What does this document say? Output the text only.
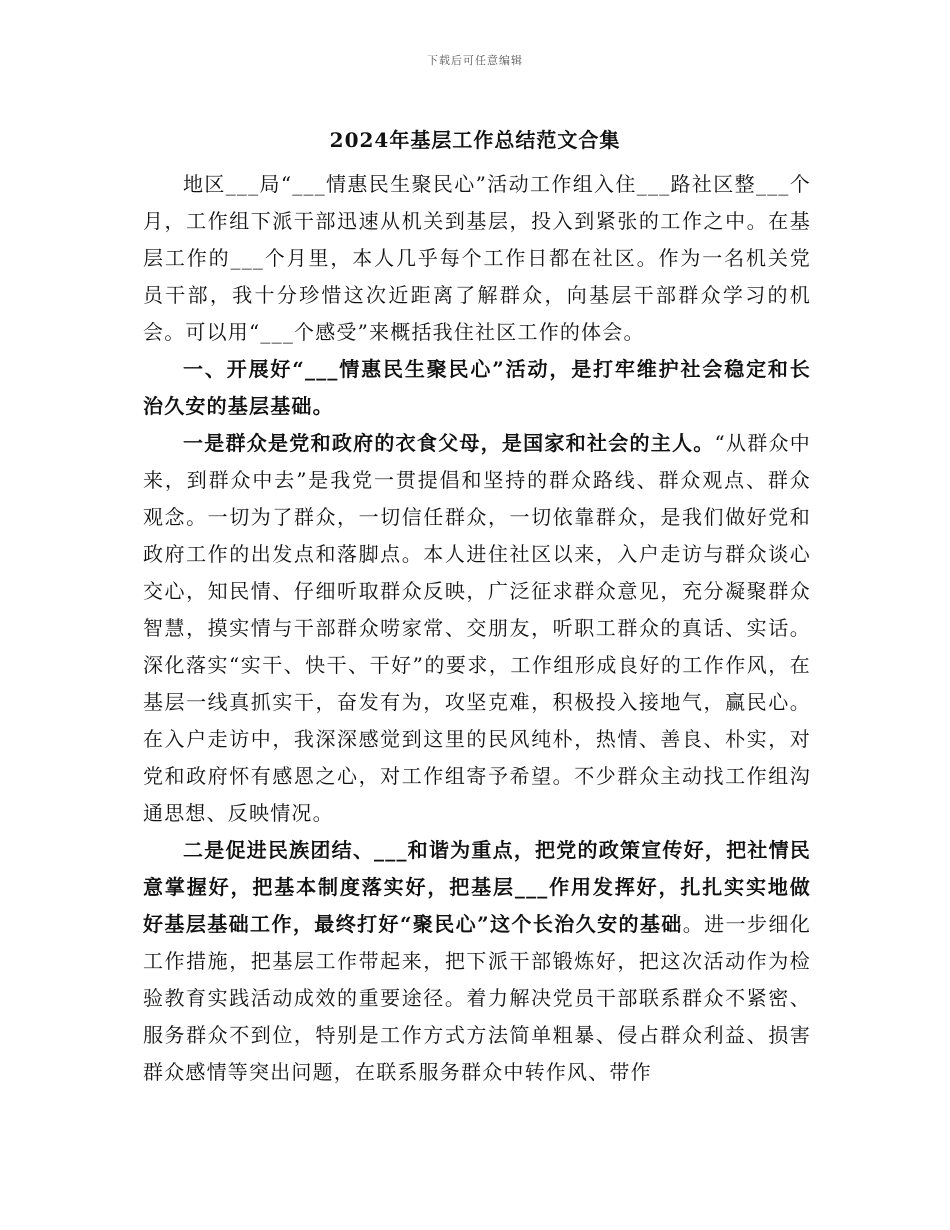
下载后可任意编辑
2024年基层工作总结范文合集

地区___局“___情惠民生聚民心”活动工作组入住___路社区整___个月，工作组下派干部迅速从机关到基层，投入到紧张的工作之中。在基层工作的___个月里，本人几乎每个工作日都在社区。作为一名机关党员干部，我十分珍惜这次近距离了解群众，向基层干部群众学习的机会。可以用“___个感受”来概括我住社区工作的体会。

一、开展好“___情惠民生聚民心”活动，是打牢维护社会稳定和长治久安的基层基础。

一是群众是党和政府的衣食父母，是国家和社会的主人。“从群众中来，到群众中去”是我党一贯提倡和坚持的群众路线、群众观点、群众观念。一切为了群众，一切信任群众，一切依靠群众，是我们做好党和政府工作的出发点和落脚点。本人进住社区以来，入户走访与群众谈心交心，知民情、仔细听取群众反映，广泛征求群众意见，充分凝聚群众智慧，摸实情与干部群众唠家常、交朋友，听职工群众的真话、实话。深化落实“实干、快干、干好”的要求，工作组形成良好的工作作风，在基层一线真抓实干，奋发有为，攻坚克难，积极投入接地气，赢民心。在入户走访中，我深深感觉到这里的民风纯朴，热情、善良、朴实，对党和政府怀有感恩之心，对工作组寄予希望。不少群众主动找工作组沟通思想、反映情况。

二是促进民族团结、___和谐为重点，把党的政策宣传好，把社情民意掌握好，把基本制度落实好，把基层___作用发挥好，扎扎实实地做好基层基础工作，最终打好“聚民心”这个长治久安的基础。进一步细化工作措施，把基层工作带起来，把下派干部锻炼好，把这次活动作为检验教育实践活动成效的重要途径。着力解决党员干部联系群众不紧密、服务群众不到位，特别是工作方式方法简单粗暴、侵占群众利益、损害群众感情等突出问题，在联系服务群众中转作风、带作
